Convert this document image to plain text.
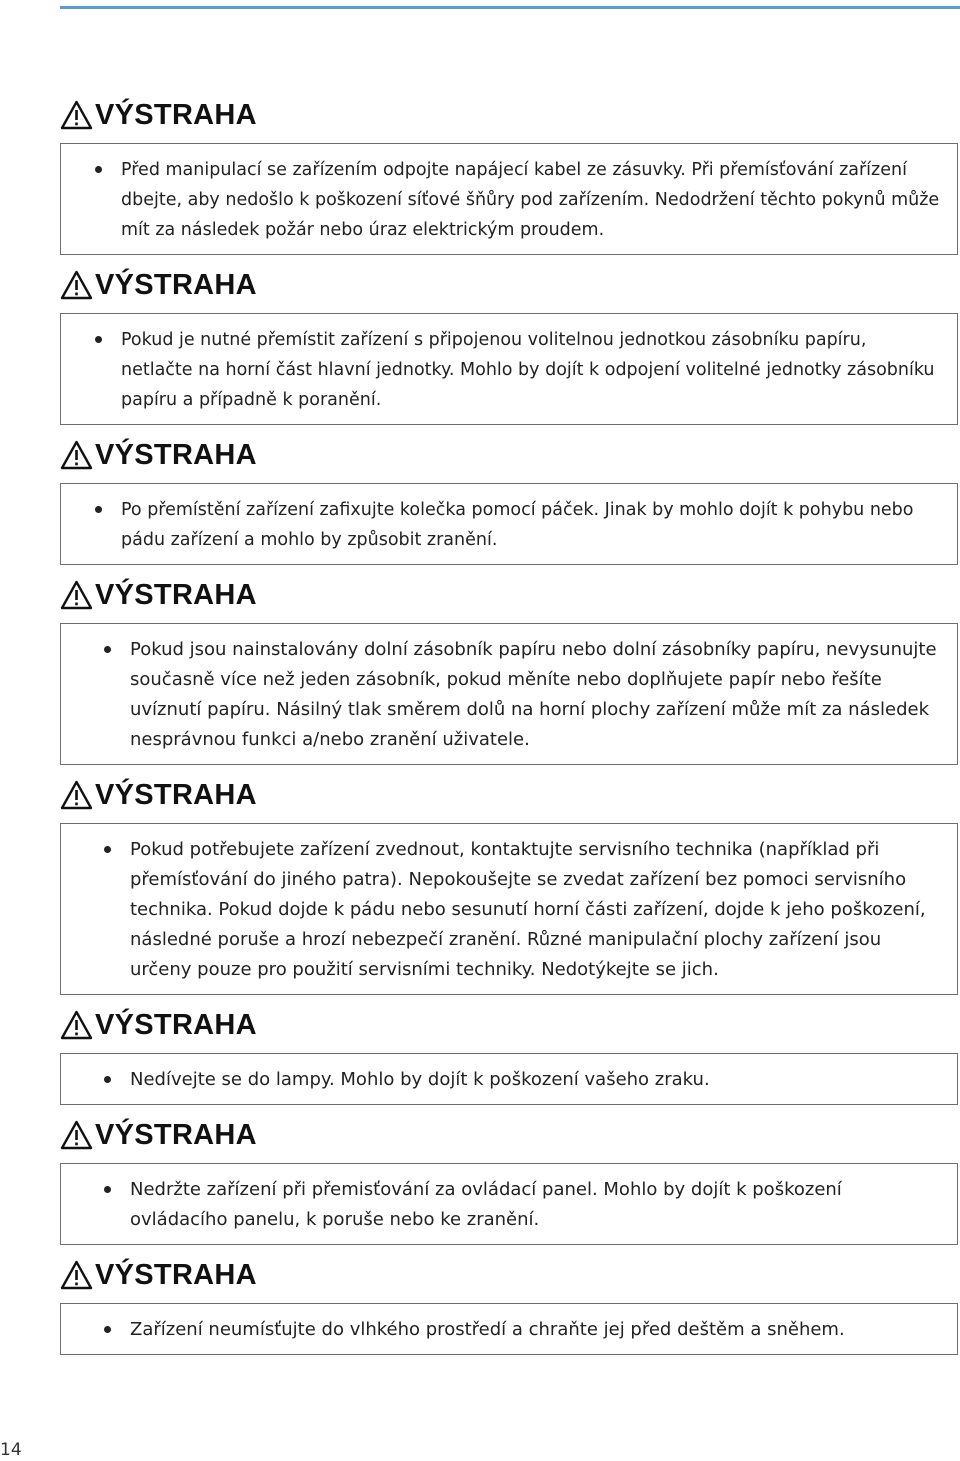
VÝSTRAHA
Před manipulací se zařízením odpojte napájecí kabel ze zásuvky. Při přemísťování zařízení dbejte, aby nedošlo k poškození síťové šňůry pod zařízením. Nedodržení těchto pokynů může mít za následek požár nebo úraz elektrickým proudem.
VÝSTRAHA
Pokud je nutné přemístit zařízení s připojenou volitelnou jednotkou zásobníku papíru, netlačte na horní část hlavní jednotky. Mohlo by dojít k odpojení volitelné jednotky zásobníku papíru a případně k poranění.
VÝSTRAHA
Po přemístění zařízení zafixujte kolečka pomocí páček. Jinak by mohlo dojít k pohybu nebo pádu zařízení a mohlo by způsobit zranění.
VÝSTRAHA
Pokud jsou nainstalovány dolní zásobník papíru nebo dolní zásobníky papíru, nevysunujte současně více než jeden zásobník, pokud měníte nebo doplňujete papír nebo řešíte uvíznutí papíru. Násilný tlak směrem dolů na horní plochy zařízení může mít za následek nesprávnou funkci a/nebo zranění uživatele.
VÝSTRAHA
Pokud potřebujete zařízení zvednout, kontaktujte servisního technika (například při přemísťování do jiného patra). Nepokoušejte se zvedat zařízení bez pomoci servisního technika. Pokud dojde k pádu nebo sesunutí horní části zařízení, dojde k jeho poškození, následné poruše a hrozí nebezpečí zranění. Různé manipulační plochy zařízení jsou určeny pouze pro použití servisními techniky. Nedotýkejte se jich.
VÝSTRAHA
Nedívejte se do lampy. Mohlo by dojít k poškození vašeho zraku.
VÝSTRAHA
Nedržte zařízení při přemisťování za ovládací panel. Mohlo by dojít k poškození ovládacího panelu, k poruše nebo ke zranění.
VÝSTRAHA
Zařízení neumísťujte do vlhkého prostředí a chraňte jej před deštěm a sněhem.
14
